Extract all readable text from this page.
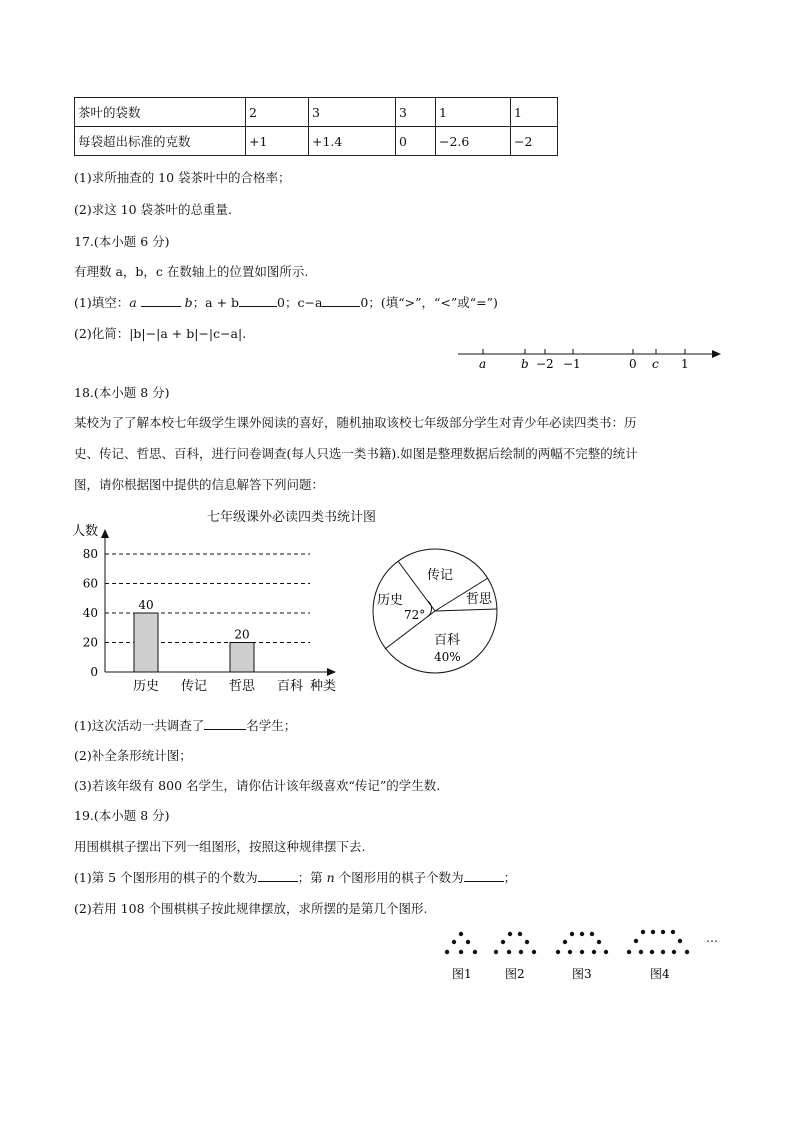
茶叶的袋数	2	3	3	1	1
每袋超出标准的克数	+1	+1.4	0	−2.6	−2
(1)求所抽查的 10 袋茶叶中的合格率；
(2)求这 10 袋茶叶的总重量.
17.(本小题 6 分)
有理数 a，b，c 在数轴上的位置如图所示.
(1)填空：a	b；a + b	0；c−a	0；(填“>”，“<”或“=”)
(2)化简：|b|−|a + b|−|c−a|.
a	b −2 −1	0 c 1
18.(本小题 8 分)
某校为了了解本校七年级学生课外阅读的喜好，随机抽取该校七年级部分学生对青少年必读四类书：历
史、传记、哲思、百科，进行问卷调查(每人只选一类书籍).如图是整理数据后绘制的两幅不完整的统计
图，请你根据图中提供的信息解答下列问题：
七年级课外必读四类书统计图
人数
0
20
40
60
80
40
历史 传记
20
哲思 百科 种类
传记
历史
72°
哲思
百科
40%
(1)这次活动一共调查了	名学生；
(2)补全条形统计图；
(3)若该年级有 800 名学生，请你估计该年级喜欢“传记”的学生数.
19.(本小题 8 分)
用围棋棋子摆出下列一组图形，按照这种规律摆下去.
(1)第 5 个图形用的棋子的个数为	；第 n 个图形用的棋子个数为	；
(2)若用 108 个围棋棋子按此规律摆放，求所摆的是第几个图形.
…
图1	图2	图3	图4
